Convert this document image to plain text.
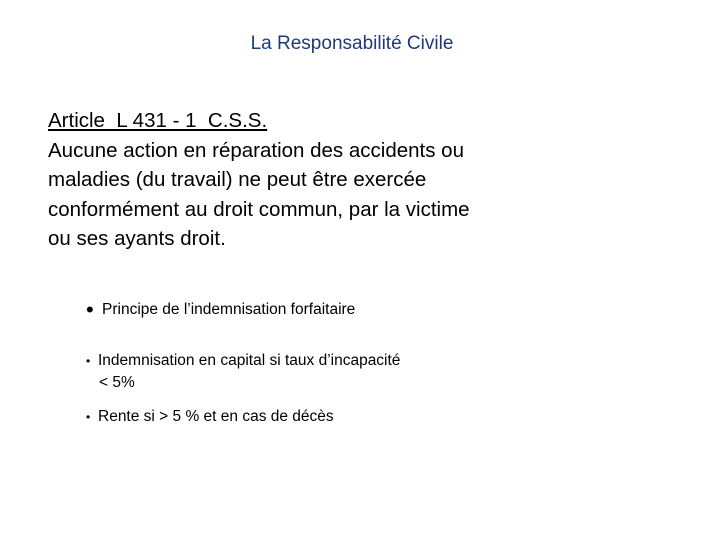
La Responsabilité Civile
Article  L 431 - 1  C.S.S.
Aucune action en réparation des accidents ou
maladies (du travail) ne peut être exercée
conformément au droit commun, par la victime
ou ses ayants droit.
• Principe de l’indemnisation forfaitaire
• Indemnisation en capital si taux d’incapacité
< 5%
• Rente si > 5 % et en cas de décès
